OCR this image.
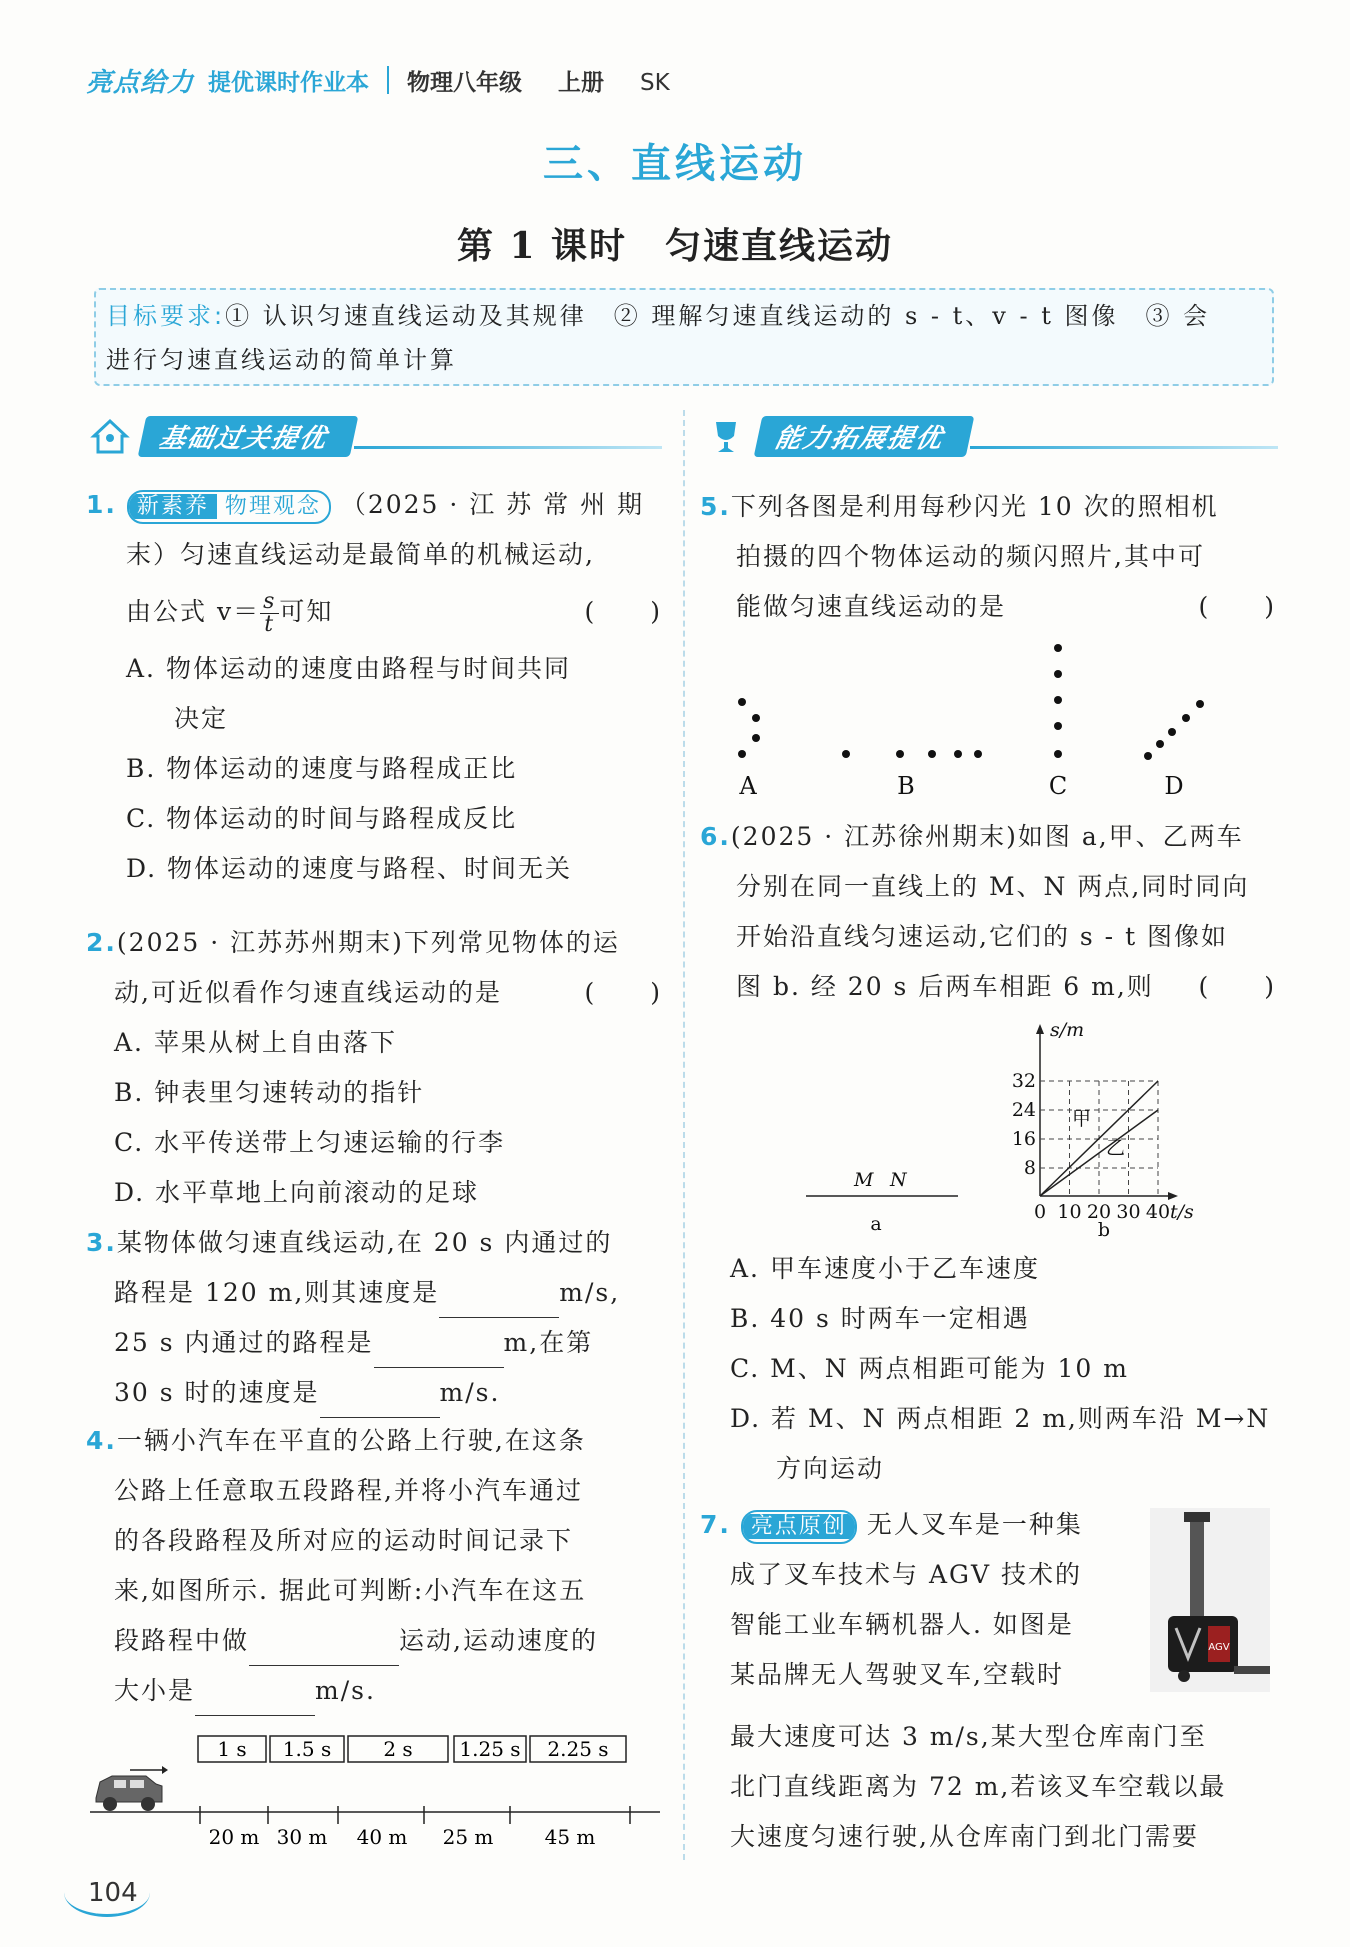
亮点给力 提优课时作业本 物理八年级 上册 SK
三、直线运动
第 1 课时　匀速直线运动
目标要求:① 认识匀速直线运动及其规律　② 理解匀速直线运动的 s - t、v - t 图像　③ 会
进行匀速直线运动的简单计算
基础过关提优	能力拓展提优
1. 新素养 物理观念 （2025 · 江 苏 常 州 期
末）匀速直线运动是最简单的机械运动,
由公式 $v= \frac{s}{t}$ 可知	(　　)
A. 物体运动的速度由路程与时间共同
决定
B. 物体运动的速度与路程成正比
C. 物体运动的时间与路程成反比
D. 物体运动的速度与路程、时间无关
2.(2025 · 江苏苏州期末)下列常见物体的运
动,可近似看作匀速直线运动的是	(　　)
A. 苹果从树上自由落下
B. 钟表里匀速转动的指针
C. 水平传送带上匀速运输的行李
D. 水平草地上向前滚动的足球
3.某物体做匀速直线运动,在 20 s 内通过的
路程是 120 m,则其速度是	m/s,
25 s 内通过的路程是	m,在第
30 s 时的速度是	m/s.
4.一辆小汽车在平直的公路上行驶,在这条
公路上任意取五段路程,并将小汽车通过
的各段路程及所对应的运动时间记录下
来,如图所示. 据此可判断:小汽车在这五
段路程中做	运动,运动速度的
大小是	m/s.
1 s 1.5 s	2 s 1.25 s 2.25 s
20 m 30 m 40 m 25 m	45 m
5.下列各图是利用每秒闪光 10 次的照相机
拍摄的四个物体运动的频闪照片,其中可
能做匀速直线运动的是	(　　)
A	B	C	D
6.(2025 · 江苏徐州期末)如图 a,甲、乙两车
分别在同一直线上的 M、N 两点,同时同向
开始沿直线匀速运动,它们的 s - t 图像如
图 b. 经 20 s 后两车相距 6 m,则 (　　)
M N
a
甲
乙
32
24
16
8
0 10 20 30 40
s/m
t/s
b
A. 甲车速度小于乙车速度
B. 40 s 时两车一定相遇
C. M、N 两点相距可能为 10 m
D. 若 M、N 两点相距 2 m,则两车沿 M→N
方向运动
7. 亮点原创 无人叉车是一种集
成了叉车技术与 AGV 技术的
智能工业车辆机器人. 如图是
某品牌无人驾驶叉车,空载时
最大速度可达 3 m/s,某大型仓库南门至
北门直线距离为 72 m,若该叉车空载以最
大速度匀速行驶,从仓库南门到北门需要
AGV
104
